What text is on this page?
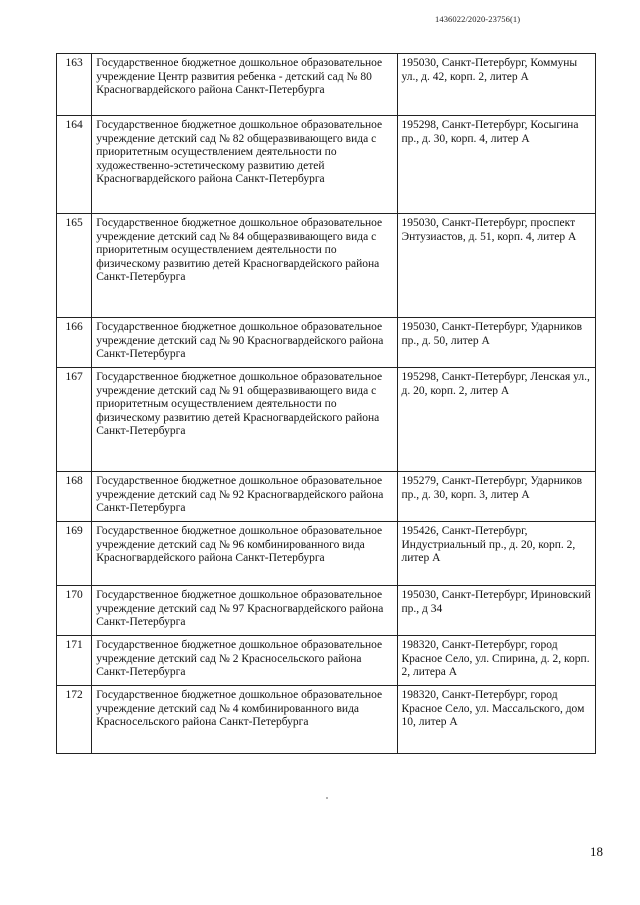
1436022/2020-23756(1)
163	Государственное бюджетное дошкольное образовательное учреждение Центр развития ребенка - детский сад № 80 Красногвардейского района Санкт-Петербурга	195030, Санкт-Петербург, Коммуны ул., д. 42, корп. 2, литер А
164	Государственное бюджетное дошкольное образовательное учреждение детский сад № 82 общеразвивающего вида с приоритетным осуществлением деятельности по художественно-эстетическому развитию детей Красногвардейского района Санкт-Петербурга	195298, Санкт-Петербург, Косыгина пр., д. 30, корп. 4, литер А
165	Государственное бюджетное дошкольное образовательное учреждение детский сад № 84 общеразвивающего вида с приоритетным осуществлением деятельности по физическому развитию детей Красногвардейского района Санкт-Петербурга	195030, Санкт-Петербург, проспект Энтузиастов, д. 51, корп. 4, литер А
166	Государственное бюджетное дошкольное образовательное учреждение детский сад № 90 Красногвардейского района Санкт-Петербурга	195030, Санкт-Петербург, Ударников пр., д. 50, литер А
167	Государственное бюджетное дошкольное образовательное учреждение детский сад № 91 общеразвивающего вида с приоритетным осуществлением деятельности по физическому развитию детей Красногвардейского района Санкт-Петербурга	195298, Санкт-Петербург, Ленская ул., д. 20, корп. 2, литер А
168	Государственное бюджетное дошкольное образовательное учреждение детский сад № 92 Красногвардейского района Санкт-Петербурга	195279, Санкт-Петербург, Ударников пр., д. 30, корп. 3, литер А
169	Государственное бюджетное дошкольное образовательное учреждение детский сад № 96 комбинированного вида Красногвардейского района Санкт-Петербурга	195426, Санкт-Петербург, Индустриальный пр., д. 20, корп. 2, литер А
170	Государственное бюджетное дошкольное образовательное учреждение детский сад № 97 Красногвардейского района Санкт-Петербурга	195030, Санкт-Петербург, Ириновский пр., д 34
171	Государственное бюджетное дошкольное образовательное учреждение детский сад № 2 Красносельского района Санкт-Петербурга	198320, Санкт-Петербург, город Красное Село, ул. Спирина, д. 2, корп. 2, литера А
172	Государственное бюджетное дошкольное образовательное учреждение детский сад № 4 комбинированного вида Красносельского района Санкт-Петербурга	198320, Санкт-Петербург, город Красное Село, ул. Массальского, дом 10, литер А
18
